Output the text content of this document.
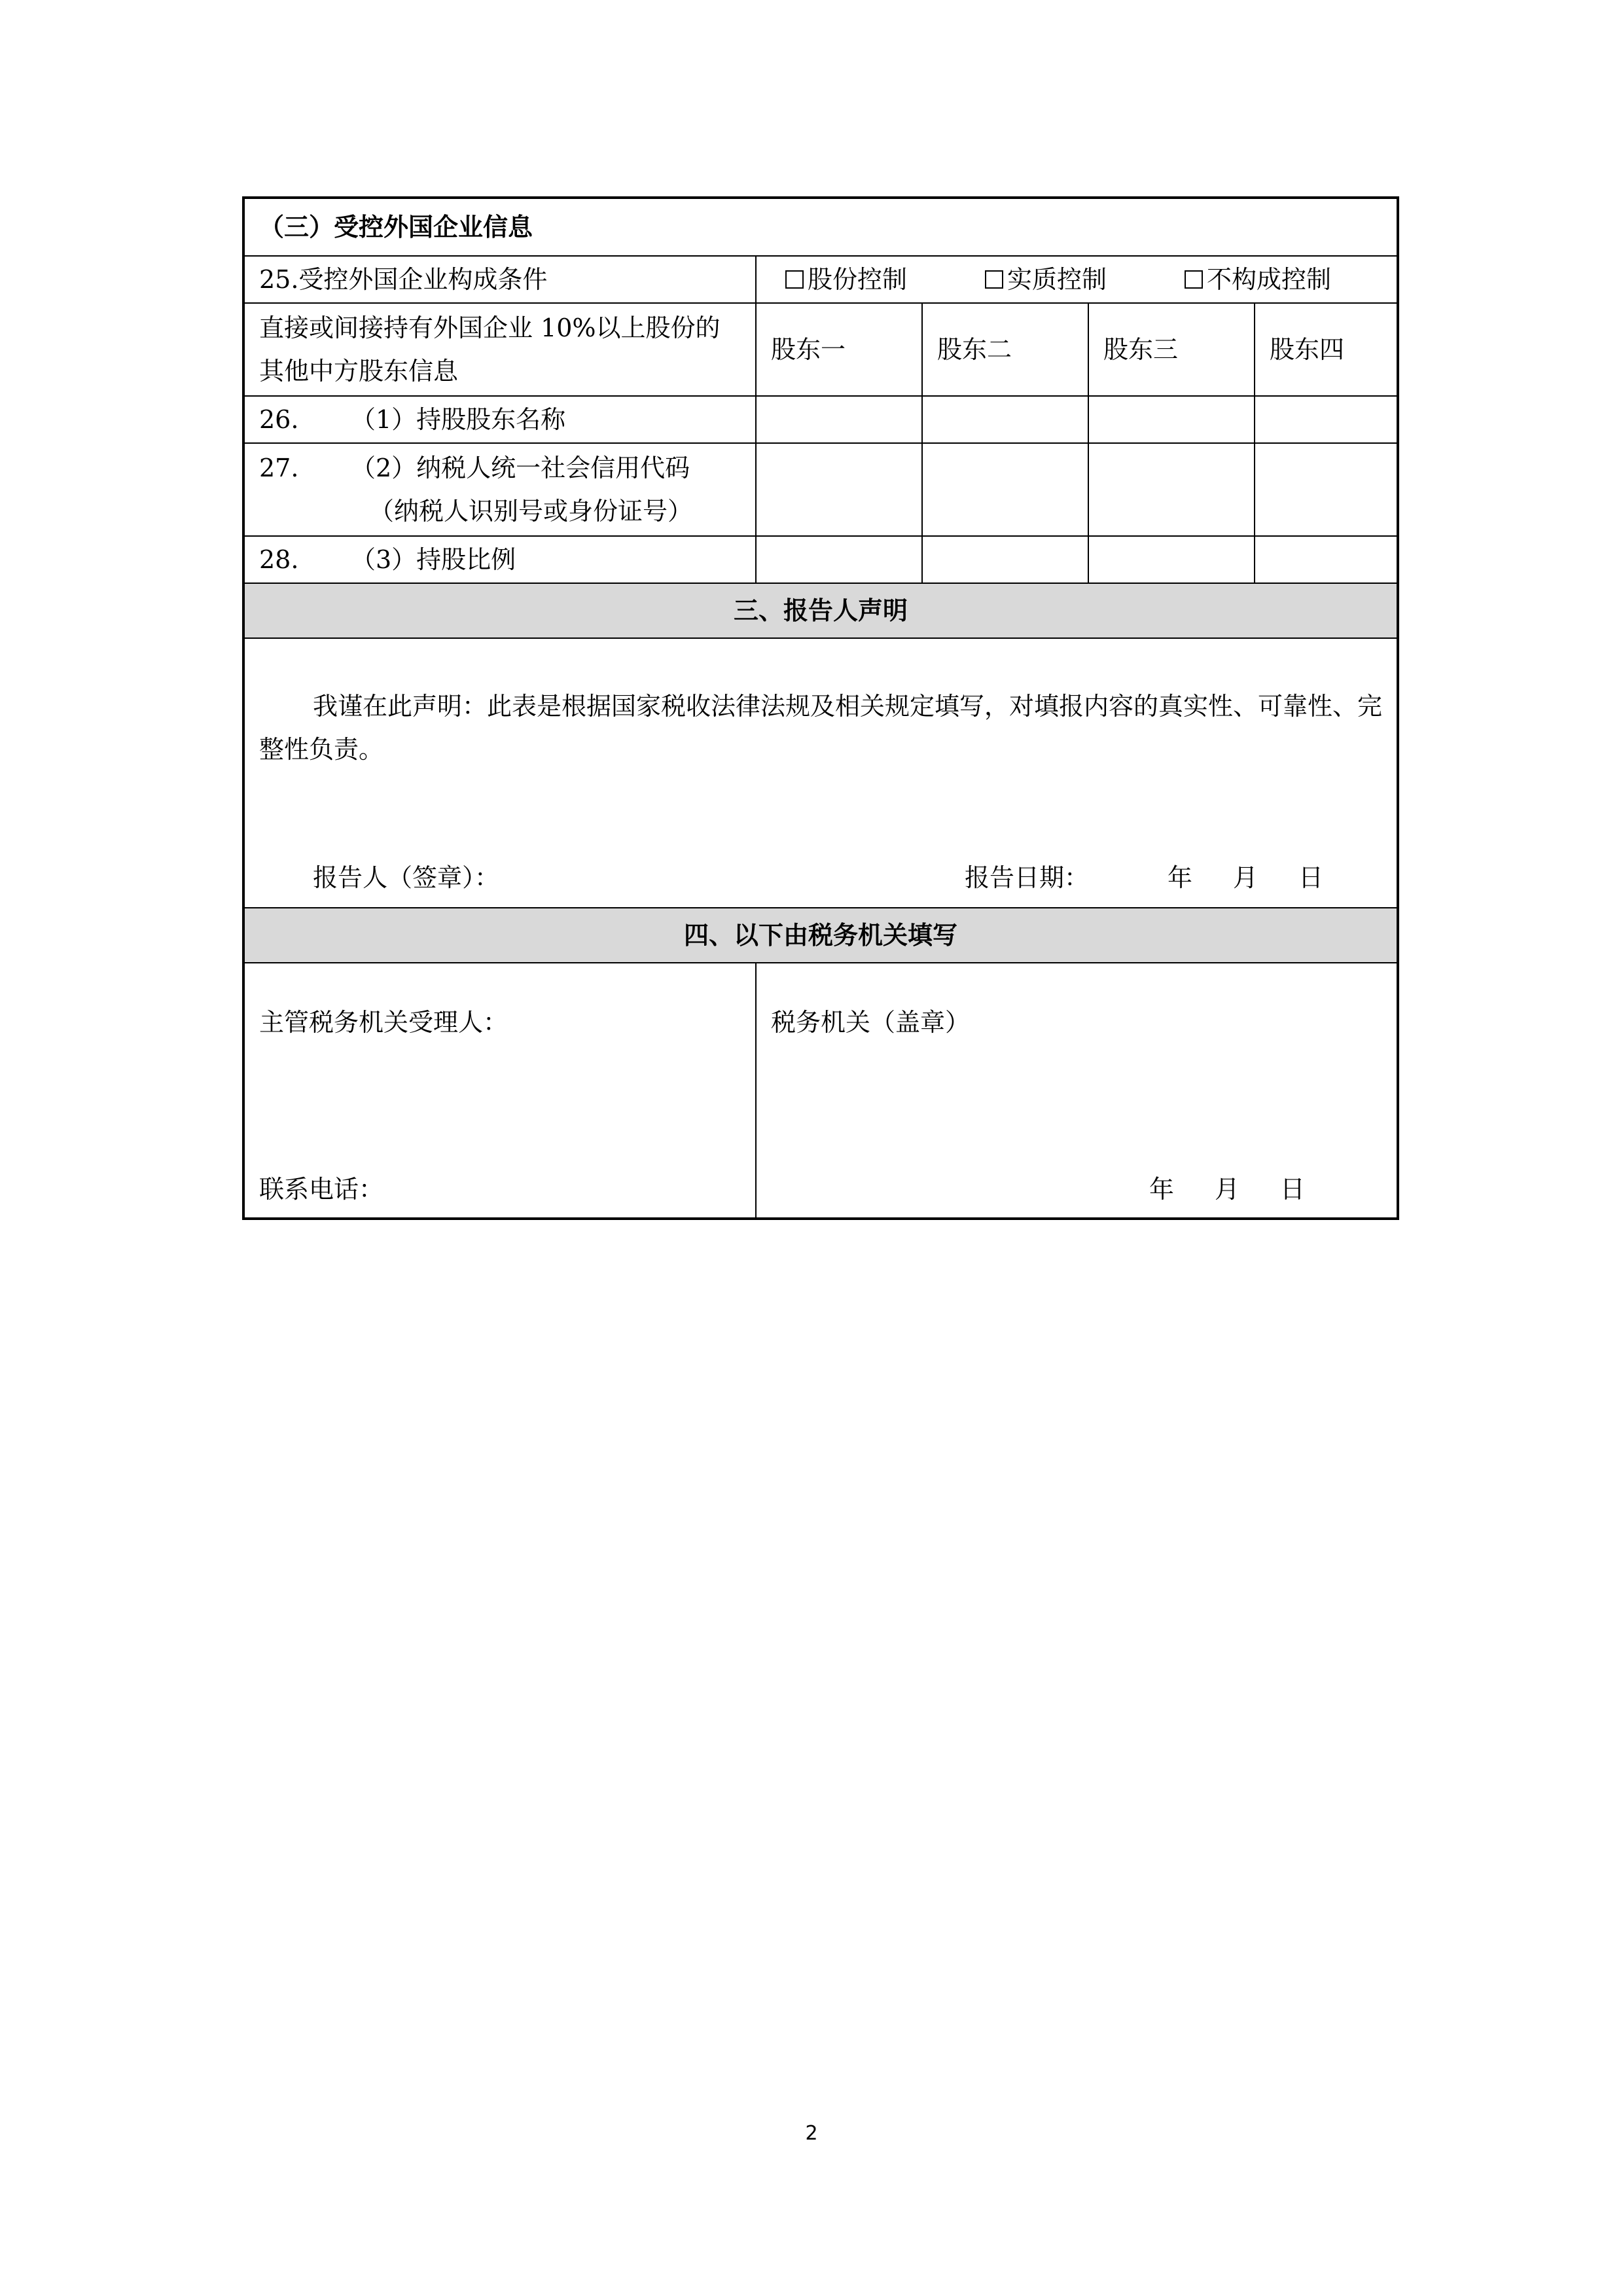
（三）受控外国企业信息
25.受控外国企业构成条件	股份控制	实质控制	不构成控制
直接或间接持有外国企业 10%以上股份的其他中方股东信息
股东一	股东二	股东三	股东四
26.	（1）持股股东名称
27. （2）纳税人统一社会信用代码
（纳税人识别号或身份证号）
28.	（3）持股比例
三、报告人声明
我谨在此声明：此表是根据国家税收法律法规及相关规定填写，对填报内容的真实性、可靠性、完整性负责。
报告人（签章）：	报告日期：	年 月 日
四、以下由税务机关填写
主管税务机关受理人：
联系电话：
税务机关（盖章）
年 月 日
2
